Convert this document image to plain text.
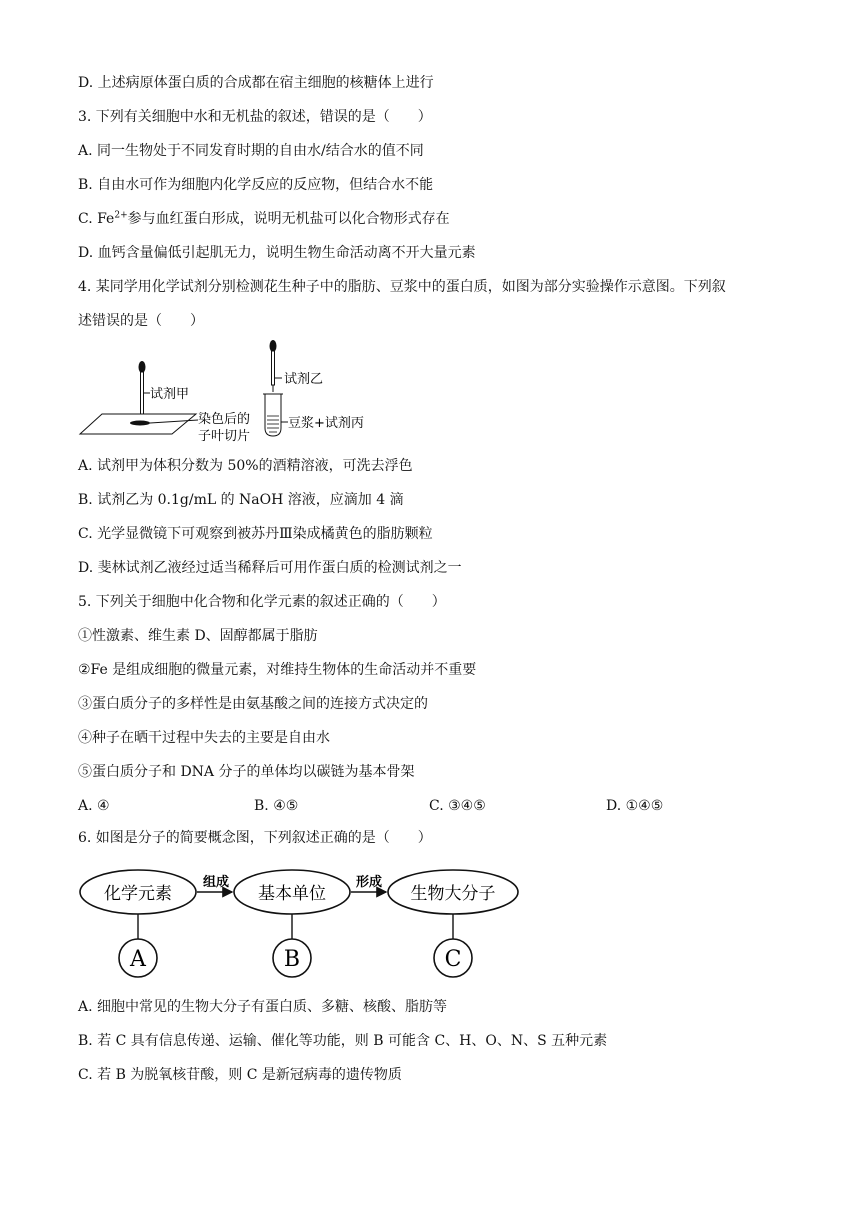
D. 上述病原体蛋白质的合成都在宿主细胞的核糖体上进行
3. 下列有关细胞中水和无机盐的叙述，错误的是（　　）
A. 同一生物处于不同发育时期的自由水/结合水的值不同
B. 自由水可作为细胞内化学反应的反应物，但结合水不能
C. $Fe^{2+}$参与血红蛋白形成，说明无机盐可以化合物形式存在
D. 血钙含量偏低引起肌无力，说明生物生命活动离不开大量元素
4. 某同学用化学试剂分别检测花生种子中的脂肪、豆浆中的蛋白质，如图为部分实验操作示意图。下列叙
述错误的是（　　）
试剂甲
染色后的
子叶切片
试剂乙
豆浆+试剂丙
A. 试剂甲为体积分数为 50%的酒精溶液，可洗去浮色
B. 试剂乙为 0.1g/mL 的 NaOH 溶液，应滴加 4 滴
C. 光学显微镜下可观察到被苏丹Ⅲ染成橘黄色的脂肪颗粒
D. 斐林试剂乙液经过适当稀释后可用作蛋白质的检测试剂之一
5. 下列关于细胞中化合物和化学元素的叙述正确的（　　）
①性激素、维生素 D、固醇都属于脂肪
②Fe 是组成细胞的微量元素，对维持生物体的生命活动并不重要
③蛋白质分子的多样性是由氨基酸之间的连接方式决定的
④种子在晒干过程中失去的主要是自由水
⑤蛋白质分子和 DNA 分子的单体均以碳链为基本骨架
A. ④	B. ④⑤	C. ③④⑤	D. ①④⑤
6. 如图是分子的简要概念图，下列叙述正确的是（　　）
化学元素	基本单位	生物大分子
组成	形成
A	B	C
A. 细胞中常见的生物大分子有蛋白质、多糖、核酸、脂肪等
B. 若 C 具有信息传递、运输、催化等功能，则 B 可能含 C、H、O、N、S 五种元素
C. 若 B 为脱氧核苷酸，则 C 是新冠病毒的遗传物质
